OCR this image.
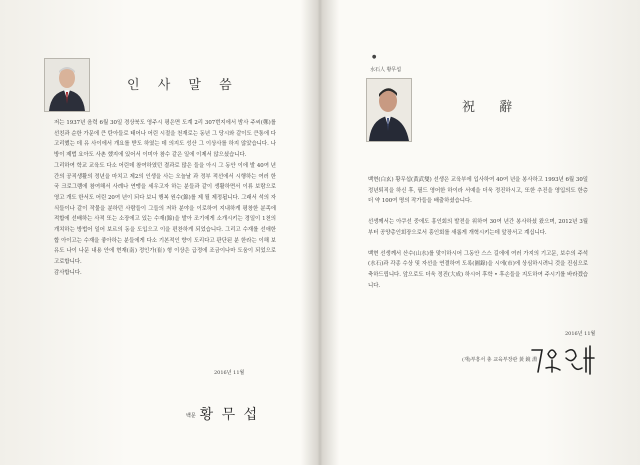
인 사 말 씀

저는 1937년 음력 6월 30일 경상북도 영주시 평은면 도계 2리 307번지에서 밤사 주씨(鄭)를 선친과 순한 가문에 큰 탄아들로 태어나 어린 시절을 천재로는 동년 그 당시와 같이도 큰통에 다 고리했는 데 유 사이에서 개요를 받도 하였는 데 의지도 성산 그 이상사를 하지 않았습니다. 나방이 제법 요아도 사촌 했지에 있어서 이미아 참수 같은 일에 이제서 않으셨습니다.

그리하여 학교 교육도 다소 어린데 참여하였던 결과로 많은 들을 아시 그 동안 이에 발 40여 년간의 공직생활의 정년을 마치고 제2의 인생을 사는 오늘날 과 정부 적선에서 시행하는 여러 한국 크로그램에 참여해서 사례나 연맹을 세우고자 하는 분들과 같이 생활하면서 이류 보람으로 영고 개도 한서도 어린 20여 년이 되다 보니 행복 원수(錦)를 제 될 제정됩니다. 그래서 석의 자식들이나 같이 작물을 분하던 사람들이 그들의 저하 분야을 이로하여 지내하게 평창한 분족에 적합에 선배하는 사적 또는 소장에고 있는 수재(錦)을 발아 조기에게 소개시키는 경일이 1천의 개치하는 방법어 일어 보르의 동을 도입으고 이을 편찬하게 되었습니다. 그리고 수재를 선애한 합 아이고는 수재을 좋아하는 분들에게 다소 기본적인 향이 도리다고 판단된 분 한라는 이해 보유도 나이 나문 내용 안에 현재(南) 정인가(崔) 형 이상은 급정에 조금이나마 도움이 되었으로 고로합니다.

감사합니다.

2016년 11월
백문 황 무 섭
●
水石人 황무섭
祝 辭

백현(白玄) 황무섭(黃武燮) 선생은 교육부에 입사하여 40여 년을 봉사하고 1993년 6월 30일 정년퇴직을 하신 후, 필드 영어한 하이라 서예을 더욱 정진하시고, 또한 추진을 영입의도 한층 더 약 100여 명의 작가들을 배출하셨습니다.

선생께서는 아쿠선 중에도 흥인회의 발전을 위하여 30여 년간 봉사하셨 왔으며, 2012년 3월부터 공양총인회장으로서 흥인회를 새롭게 개혁시키는데 앞장서고 계십니다.

백현 선생께서 산수(山水)를 맞이하시어 그동안 스스 길에에 여러 가지의 기고문, 보수의 주석(水石)과 각종 수상 및 자선을 연결하여 도록(圖錄)을 시에(市)에 상심하시려니 것을 진심으로 축하드립니다. 앞으로도 더욱 정진(大成) 하시어 후학 • 후손들을 지도하여 주시기를 바라겠습니다.

2016년 11월
(재)부흥서 총 교육부장관 黃 鏡 淵
